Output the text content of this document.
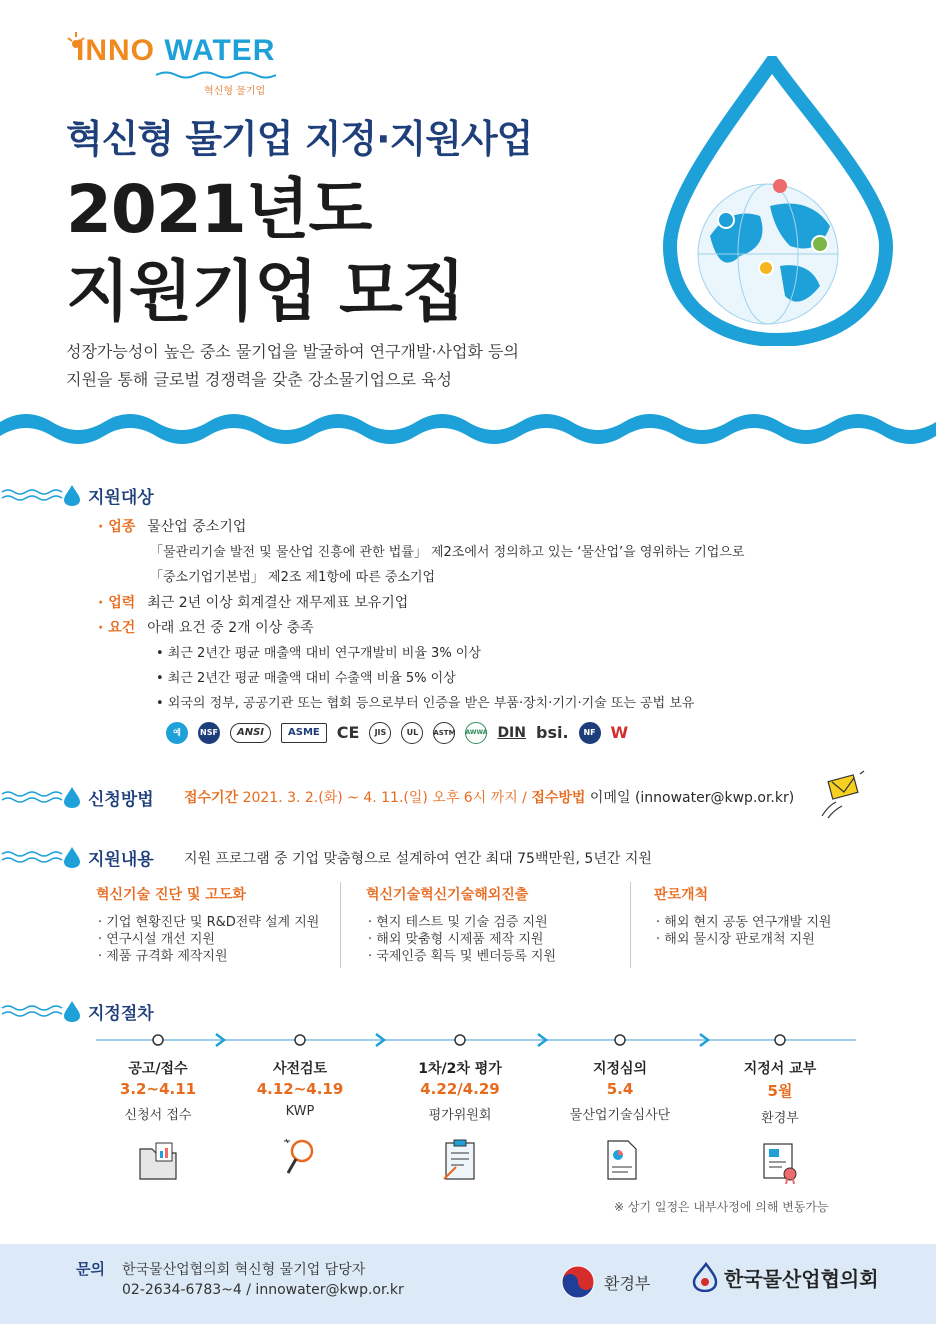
INNO WATER
혁신형 물기업
혁신형 물기업 지정·지원사업
2021년도
지원기업 모집
성장가능성이 높은 중소 물기업을 발굴하여 연구개발·사업화 등의
지원을 통해 글로벌 경쟁력을 갖춘 강소물기업으로 육성
지원대상
· 업종 물산업 중소기업
「물관리기술 발전 및 물산업 진흥에 관한 법률」 제2조에서 정의하고 있는 ‘물산업’을 영위하는 기업으로
「중소기업기본법」 제2조 제1항에 따른 중소기업
· 업력 최근 2년 이상 회계결산 재무제표 보유기업
· 요건 아래 요건 중 2개 이상 충족
• 최근 2년간 평균 매출액 대비 연구개발비 비율 3% 이상
• 최근 2년간 평균 매출액 대비 수출액 비율 5% 이상
• 외국의 정부, 공공기관 또는 협회 등으로부터 인증을 받은 부품·장치·기기·기술 또는 공법 보유
예	NSF	ANSI	ASME	CE	JIS	UL	ASTM AWWA DIN bsi.	NF W
신청방법 접수기간 2021. 3. 2.(화) ~ 4. 11.(일) 오후 6시 까지 / 접수방법 이메일 (innowater@kwp.or.kr)
지원내용 지원 프로그램 중 기업 맞춤형으로 설계하여 연간 최대 75백만원, 5년간 지원
혁신기술 진단 및 고도화
· 기업 현황진단 및 R&D전략 설계 지원
· 연구시설 개선 지원
· 제품 규격화 제작지원
혁신기술혁신기술해외진출
· 현지 테스트 및 기술 검증 지원
· 해외 맞춤형 시제품 제작 지원
· 국제인증 획득 및 벤더등록 지원
판로개척
· 해외 현지 공동 연구개발 지원
· 해외 물시장 판로개척 지원
지정절차
공고/접수
3.2~4.11
신청서 접수
사전검토
4.12~4.19
KWP
1차/2차 평가
4.22/4.29
평가위원회
지정심의
5.4
물산업기술심사단
지정서 교부
5월
환경부
※ 상기 일정은 내부사정에 의해 변동가능
문의 한국물산업협의회 혁신형 물기업 담당자
02-2634-6783~4 / innowater@kwp.or.kr	환경부	한국물산업협의회
